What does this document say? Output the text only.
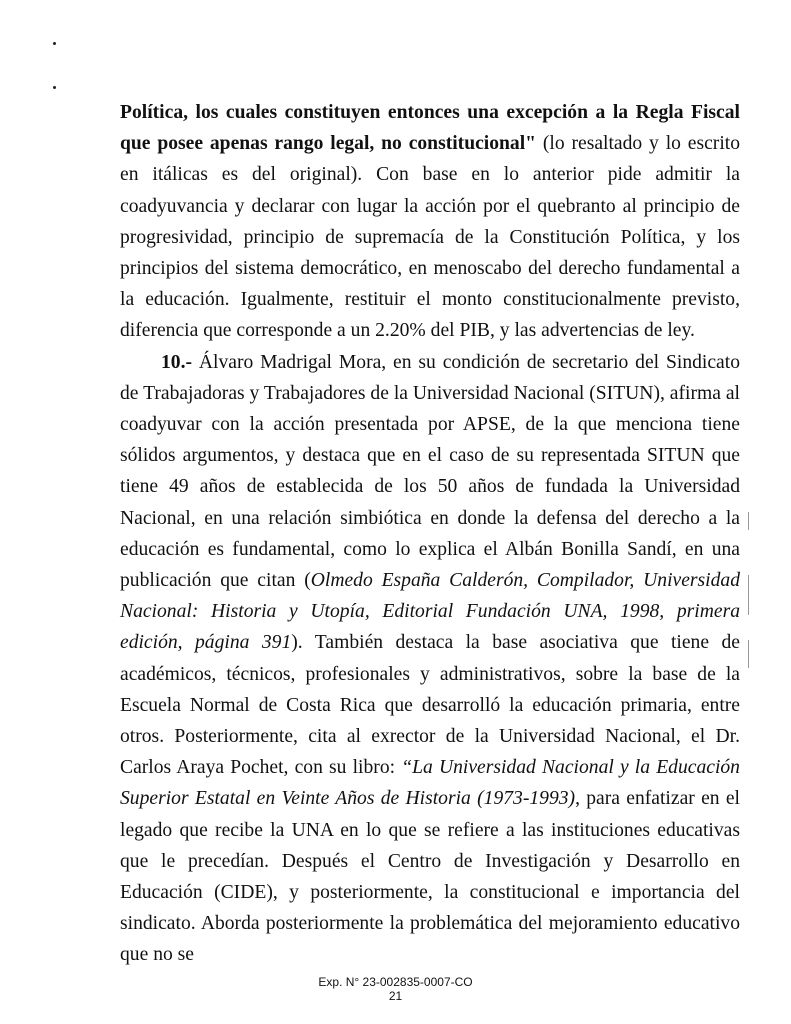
Política, los cuales constituyen entonces una excepción a la Regla Fiscal que posee apenas rango legal, no constitucional" (lo resaltado y lo escrito en itálicas es del original). Con base en lo anterior pide admitir la coadyuvancia y declarar con lugar la acción por el quebranto al principio de progresividad, principio de supremacía de la Constitución Política, y los principios del sistema democrático, en menoscabo del derecho fundamental a la educación. Igualmente, restituir el monto constitucionalmente previsto, diferencia que corresponde a un 2.20% del PIB, y las advertencias de ley.

10.- Álvaro Madrigal Mora, en su condición de secretario del Sindicato de Trabajadoras y Trabajadores de la Universidad Nacional (SITUN), afirma al coadyuvar con la acción presentada por APSE, de la que menciona tiene sólidos argumentos, y destaca que en el caso de su representada SITUN que tiene 49 años de establecida de los 50 años de fundada la Universidad Nacional, en una relación simbiótica en donde la defensa del derecho a la educación es fundamental, como lo explica el Albán Bonilla Sandí, en una publicación que citan (Olmedo España Calderón, Compilador, Universidad Nacional: Historia y Utopía, Editorial Fundación UNA, 1998, primera edición, página 391). También destaca la base asociativa que tiene de académicos, técnicos, profesionales y administrativos, sobre la base de la Escuela Normal de Costa Rica que desarrolló la educación primaria, entre otros. Posteriormente, cita al exrector de la Universidad Nacional, el Dr. Carlos Araya Pochet, con su libro: “La Universidad Nacional y la Educación Superior Estatal en Veinte Años de Historia (1973-1993), para enfatizar en el legado que recibe la UNA en lo que se refiere a las instituciones educativas que le precedían. Después el Centro de Investigación y Desarrollo en Educación (CIDE), y posteriormente, la constitucional e importancia del sindicato. Aborda posteriormente la problemática del mejoramiento educativo que no se

Exp. N° 23-002835-0007-CO
21
